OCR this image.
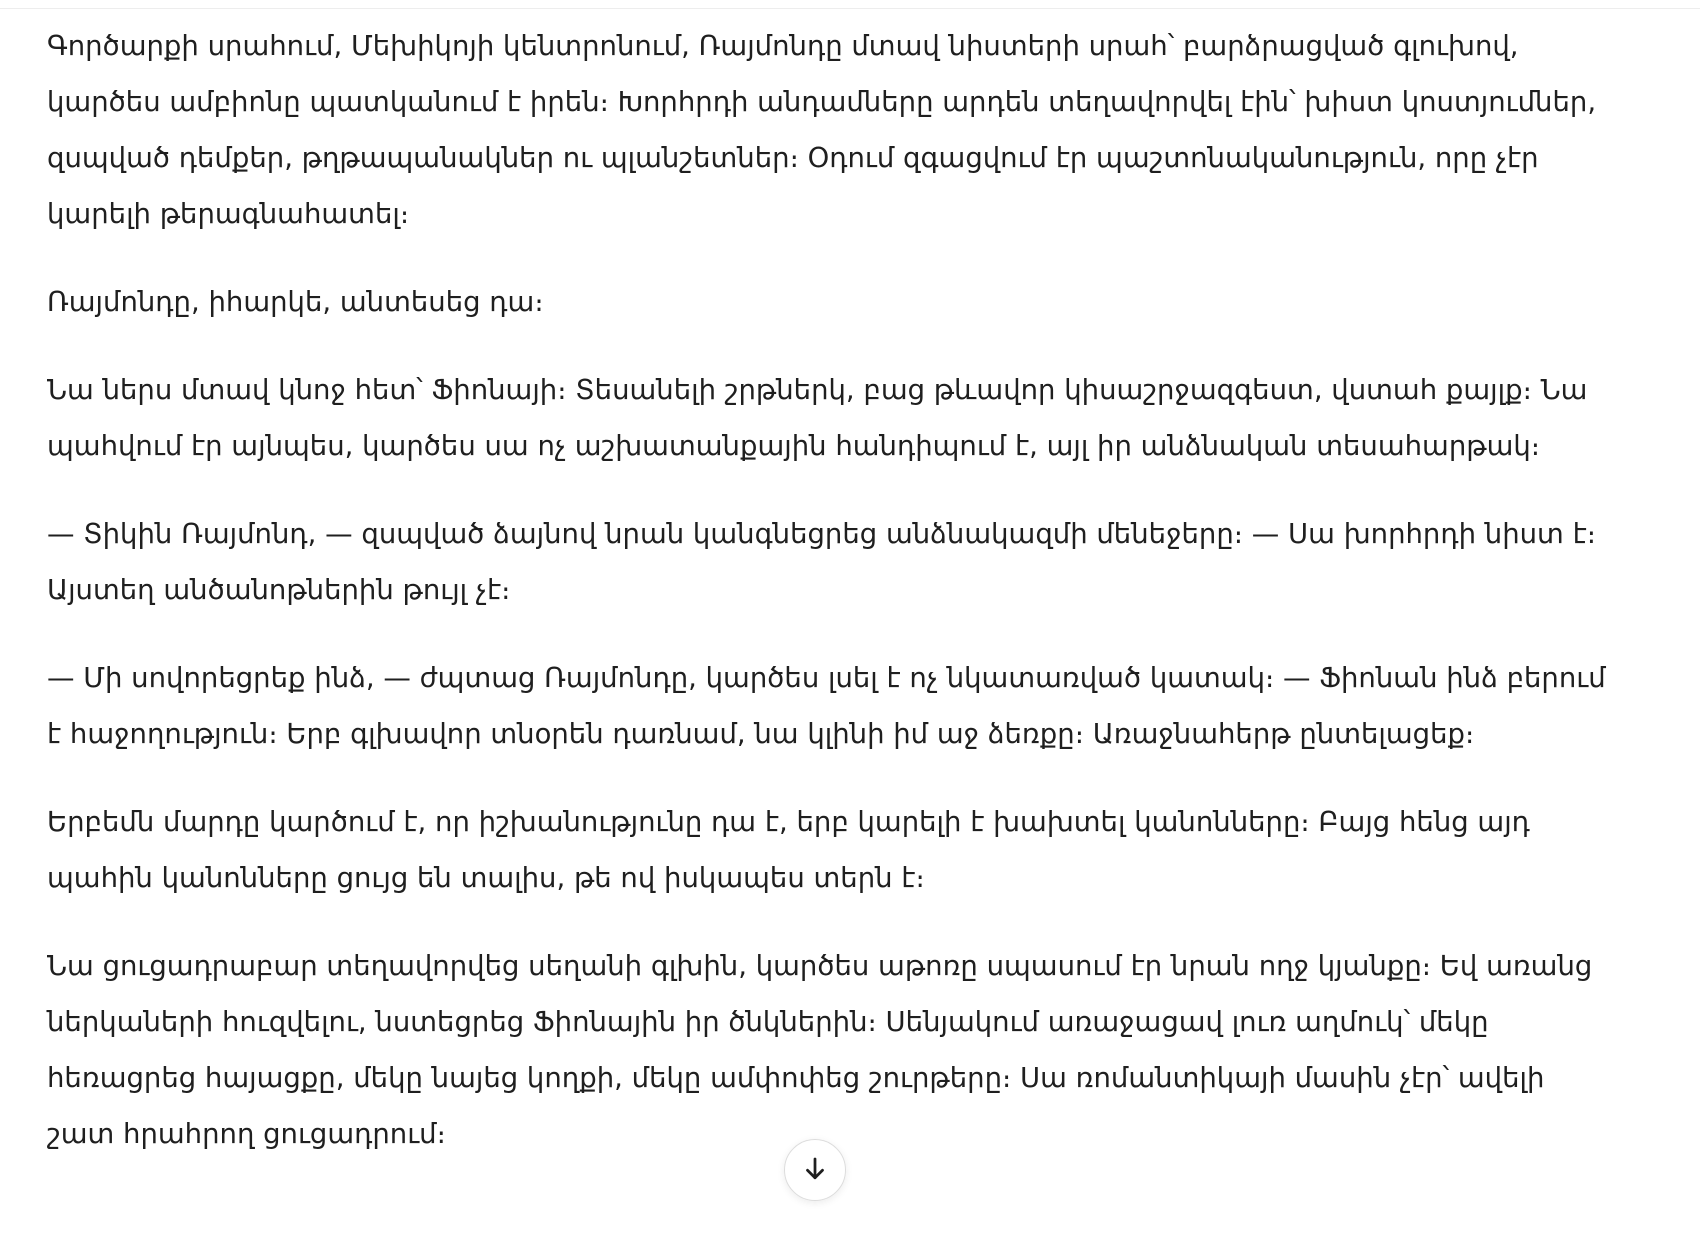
Գործարքի սրահում, Մեխիկոյի կենտրոնում, Ռայմոնդը մտավ նիստերի սրահ՝ բարձրացված գլուխով, կարծես ամբիոնը պատկանում է իրեն։ Խորհրդի անդամները արդեն տեղավորվել էին՝ խիստ կոստյումներ, զսպված դեմքեր, թղթապանակներ ու պլանշետներ։ Օդում զգացվում էր պաշտոնականություն, որը չէր կարելի թերագնահատել։

Ռայմոնդը, իհարկե, անտեսեց դա։

Նա ներս մտավ կնոջ հետ՝ Ֆիոնայի։ Տեսանելի շրթներկ, բաց թևավոր կիսաշրջազգեստ, վստահ քայլք։ Նա պահվում էր այնպես, կարծես սա ոչ աշխատանքային հանդիպում է, այլ իր անձնական տեսահարթակ։

— Տիկին Ռայմոնդ, — զսպված ձայնով նրան կանգնեցրեց անձնակազմի մենեջերը։ — Սա խորհրդի նիստ է։ Այստեղ անծանոթներին թույլ չէ։

— Մի սովորեցրեք ինձ, — ժպտաց Ռայմոնդը, կարծես լսել է ոչ նկատառված կատակ։ — Ֆիոնան ինձ բերում է հաջողություն։ Երբ գլխավոր տնօրեն դառնամ, նա կլինի իմ աջ ձեռքը։ Առաջնահերթ ընտելացեք։

Երբեմն մարդը կարծում է, որ իշխանությունը դա է, երբ կարելի է խախտել կանոնները։ Բայց հենց այդ պահին կանոնները ցույց են տալիս, թե ով իսկապես տերն է։

Նա ցուցադրաբար տեղավորվեց սեղանի գլխին, կարծես աթոռը սպասում էր նրան ողջ կյանքը։ Եվ առանց ներկաների հուզվելու, նստեցրեց Ֆիոնային իր ծնկներին։ Սենյակում առաջացավ լուռ աղմուկ՝ մեկը հեռացրեց հայացքը, մեկը նայեց կողքի, մեկը ամփոփեց շուրթերը։ Սա ռոմանտիկայի մասին չէր՝ ավելի շատ հրահրող ցուցադրում։
